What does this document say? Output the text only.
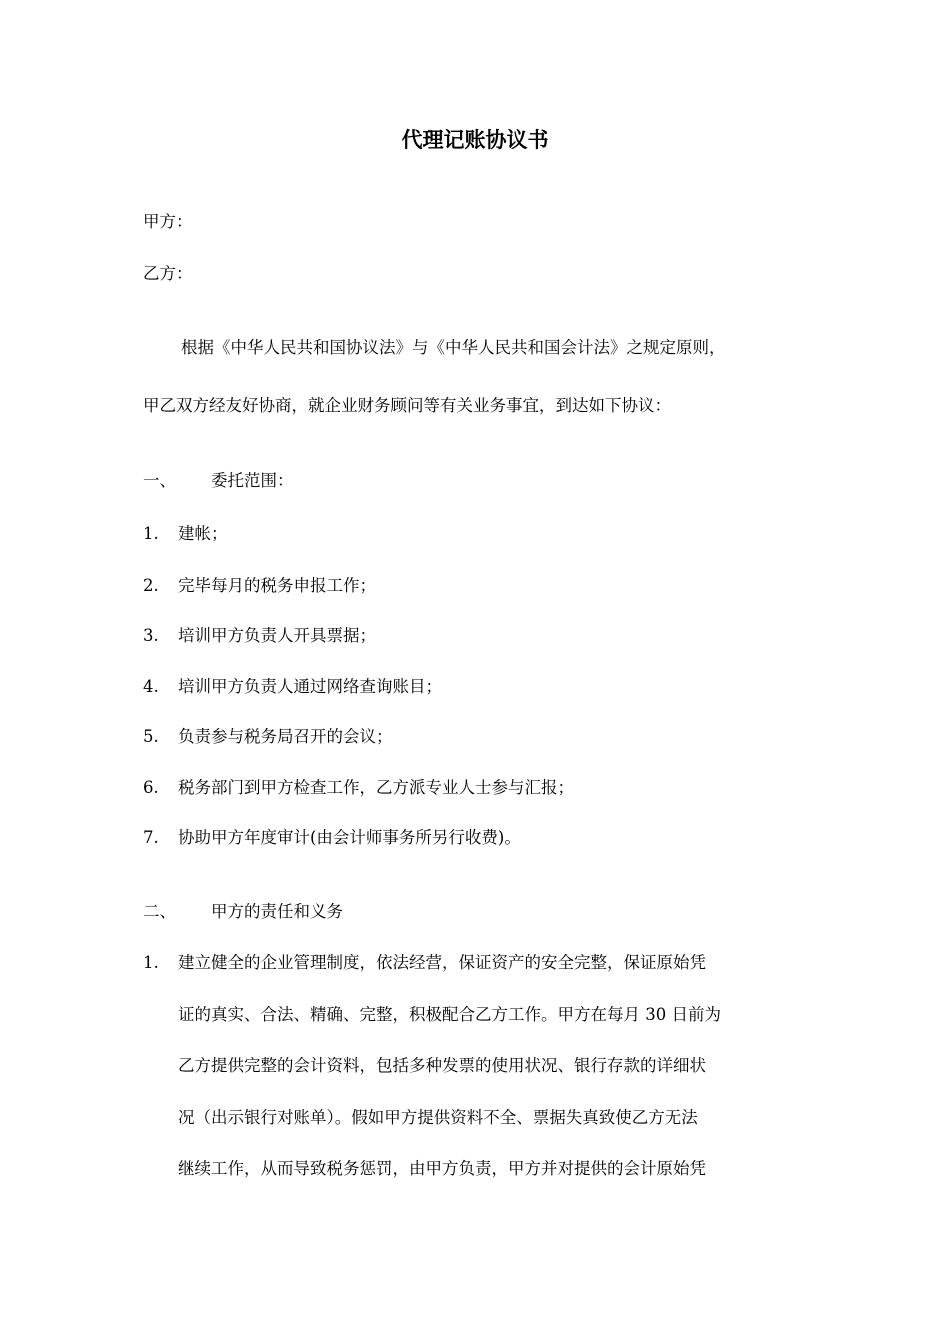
代理记账协议书
甲方：
乙方：
根据《中华人民共和国协议法》与《中华人民共和国会计法》之规定原则，
甲乙双方经友好协商，就企业财务顾问等有关业务事宜，到达如下协议：
一、 委托范围：
1. 建帐；
2. 完毕每月的税务申报工作；
3. 培训甲方负责人开具票据；
4. 培训甲方负责人通过网络查询账目；
5. 负责参与税务局召开的会议；
6. 税务部门到甲方检查工作，乙方派专业人士参与汇报；
7. 协助甲方年度审计(由会计师事务所另行收费)。
二、 甲方的责任和义务
1. 建立健全的企业管理制度，依法经营，保证资产的安全完整，保证原始凭
证的真实、合法、精确、完整，积极配合乙方工作。甲方在每月 30 日前为
乙方提供完整的会计资料，包括多种发票的使用状况、银行存款的详细状
况（出示银行对账单）。假如甲方提供资料不全、票据失真致使乙方无法
继续工作，从而导致税务惩罚，由甲方负责，甲方并对提供的会计原始凭
